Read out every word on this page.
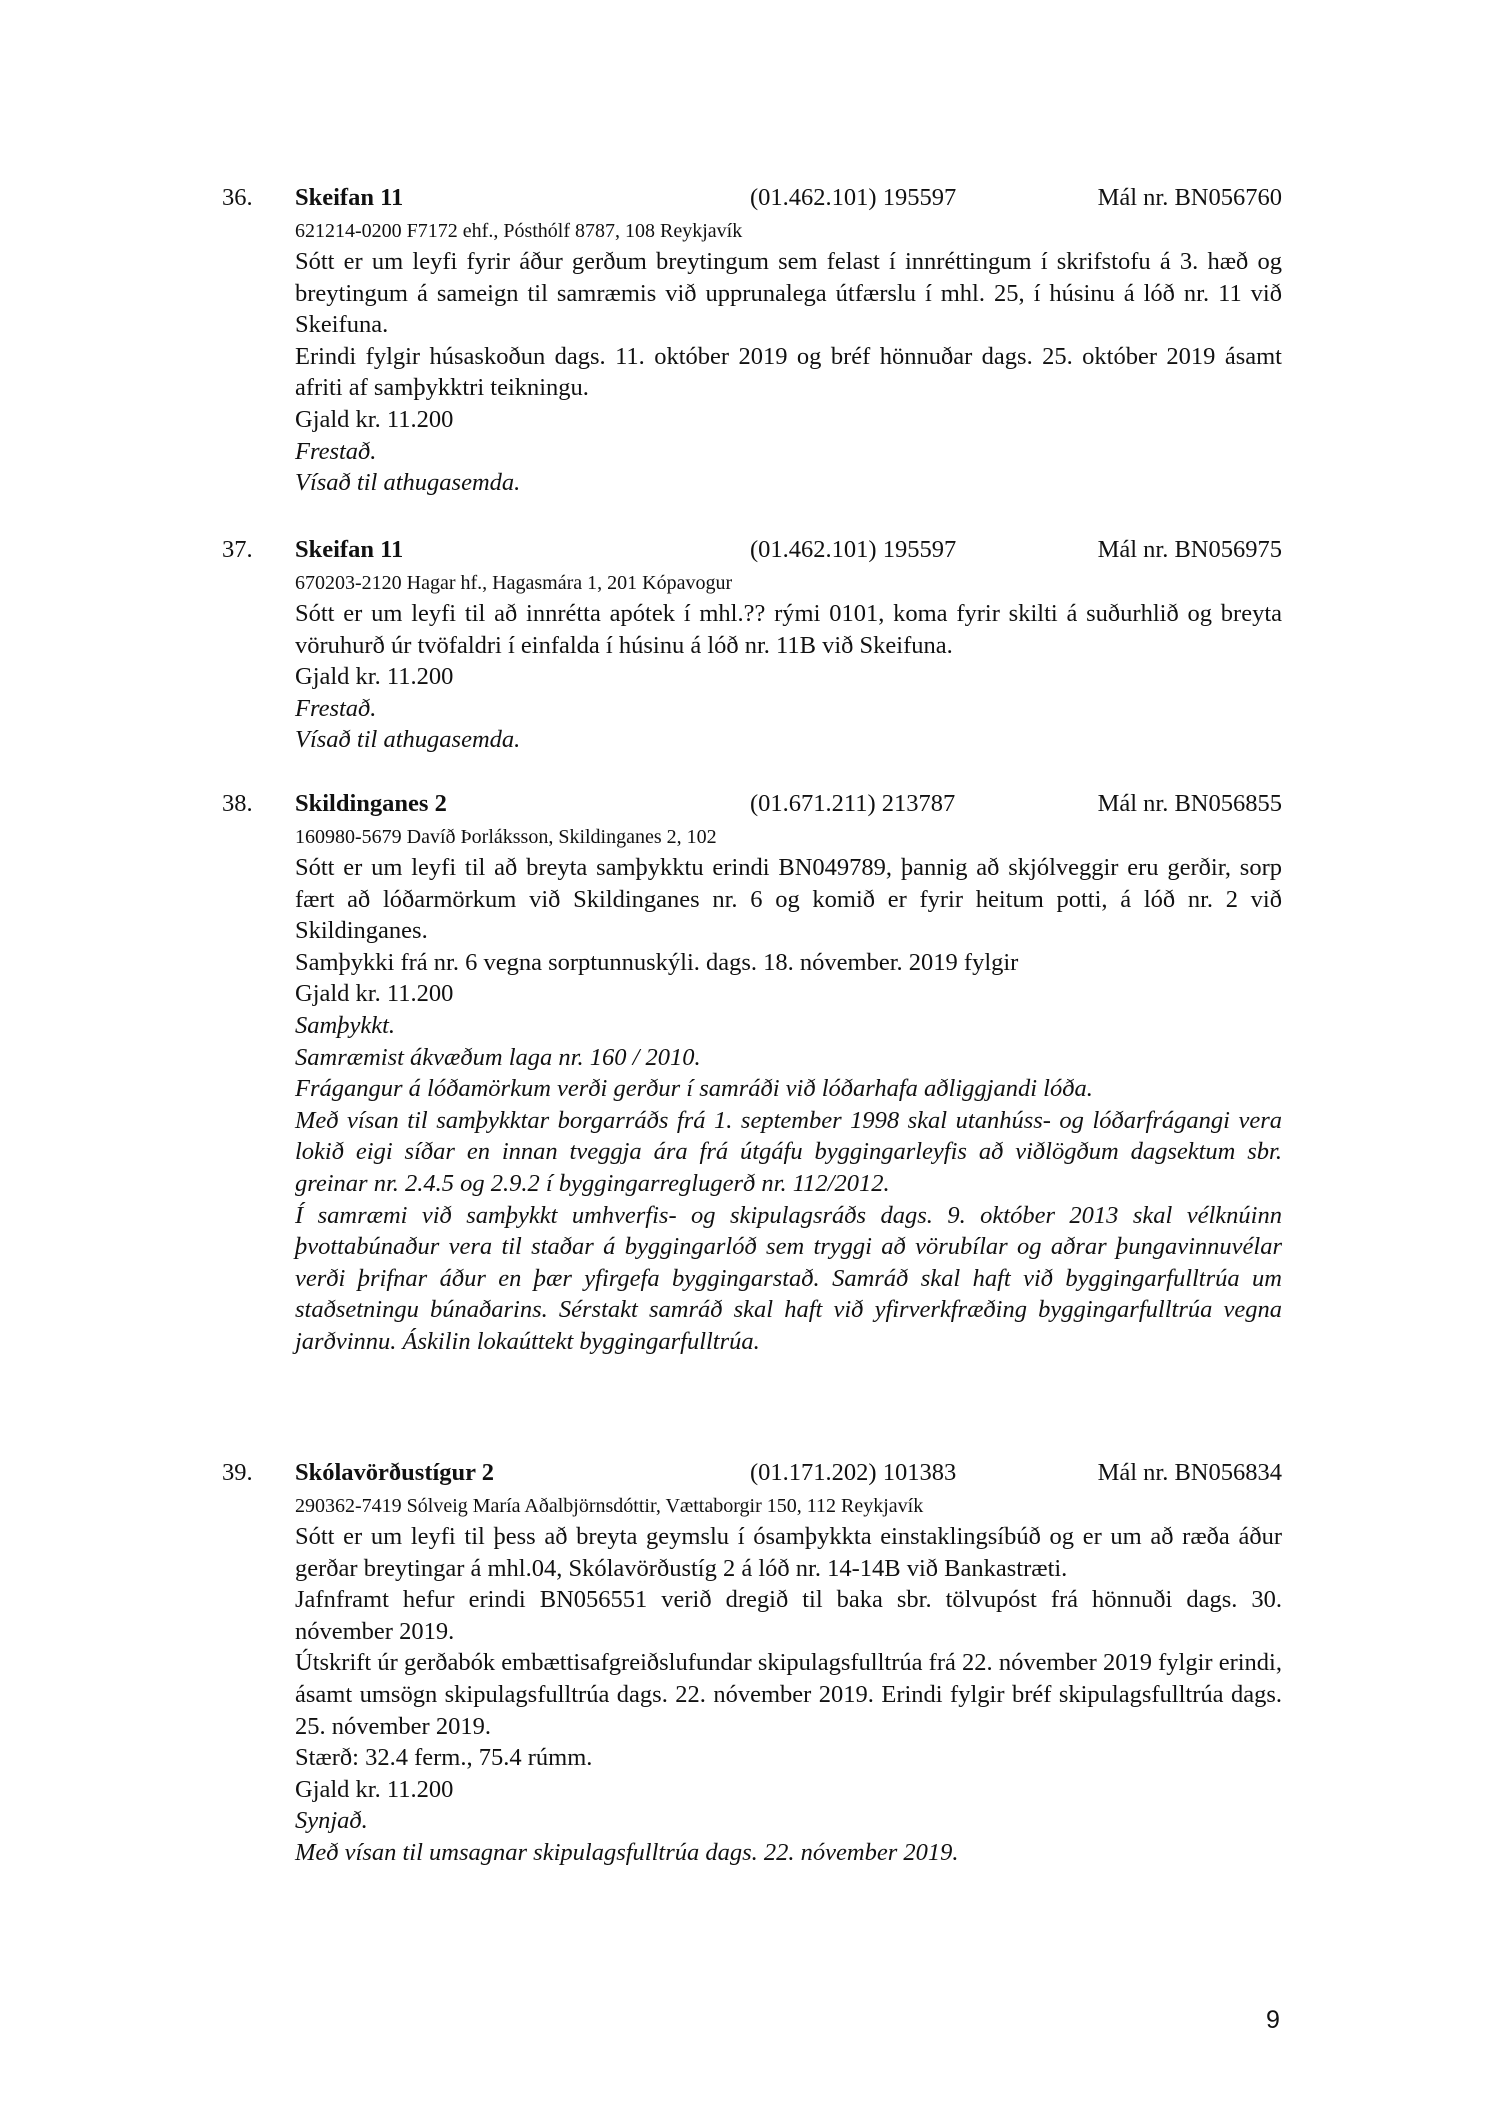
36. Skeifan 11	(01.462.101) 195597	Mál nr. BN056760
621214-0200 F7172 ehf., Pósthólf 8787, 108 Reykjavík
Sótt er um leyfi fyrir áður gerðum breytingum sem felast í innréttingum í skrifstofu á 3. hæð og breytingum á sameign til samræmis við upprunalega útfærslu í mhl. 25, í húsinu á lóð nr. 11 við Skeifuna.
Erindi fylgir húsaskoðun dags. 11. október 2019 og bréf hönnuðar dags. 25. október 2019 ásamt afriti af samþykktri teikningu.
Gjald kr. 11.200
Frestað.
Vísað til athugasemda.
37. Skeifan 11	(01.462.101) 195597	Mál nr. BN056975
670203-2120 Hagar hf., Hagasmára 1, 201 Kópavogur
Sótt er um leyfi til að innrétta apótek í mhl.?? rými 0101, koma fyrir skilti á suðurhlið og breyta vöruhurð úr tvöfaldri í einfalda í húsinu á lóð nr. 11B við Skeifuna.
Gjald kr. 11.200
Frestað.
Vísað til athugasemda.
38. Skildinganes 2	(01.671.211) 213787	Mál nr. BN056855
160980-5679 Davíð Þorláksson, Skildinganes 2, 102
Sótt er um leyfi til að breyta samþykktu erindi BN049789, þannig að skjólveggir eru gerðir, sorp fært að lóðarmörkum við Skildinganes nr. 6 og komið er fyrir heitum potti, á lóð nr. 2 við Skildinganes.
Samþykki frá nr. 6 vegna sorptunnuskýli. dags. 18. nóvember. 2019 fylgir
Gjald kr. 11.200
Samþykkt.
Samræmist ákvæðum laga nr. 160 / 2010.
Frágangur á lóðamörkum verði gerður í samráði við lóðarhafa aðliggjandi lóða.
Með vísan til samþykktar borgarráðs frá 1. september 1998 skal utanhúss- og lóðarfrágangi vera lokið eigi síðar en innan tveggja ára frá útgáfu byggingarleyfis að viðlögðum dagsektum sbr. greinar nr. 2.4.5 og 2.9.2 í byggingarreglugerð nr. 112/2012.
Í samræmi við samþykkt umhverfis- og skipulagsráðs dags. 9. október 2013 skal vélknúinn þvottabúnaður vera til staðar á byggingarlóð sem tryggi að vörubílar og aðrar þungavinnuvélar verði þrifnar áður en þær yfirgefa byggingarstað. Samráð skal haft við byggingarfulltrúa um staðsetningu búnaðarins. Sérstakt samráð skal haft við yfirverkfræðing byggingarfulltrúa vegna jarðvinnu. Áskilin lokaúttekt byggingarfulltrúa.
39. Skólavörðustígur 2	(01.171.202) 101383	Mál nr. BN056834
290362-7419 Sólveig María Aðalbjörnsdóttir, Vættaborgir 150, 112 Reykjavík
Sótt er um leyfi til þess að breyta geymslu í ósamþykkta einstaklingsíbúð og er um að ræða áður gerðar breytingar á mhl.04, Skólavörðustíg 2 á lóð nr. 14-14B við Bankastræti.
Jafnframt hefur erindi BN056551 verið dregið til baka sbr. tölvupóst frá hönnuði dags. 30. nóvember 2019.
Útskrift úr gerðabók embættisafgreiðslufundar skipulagsfulltrúa frá 22. nóvember 2019 fylgir erindi, ásamt umsögn skipulagsfulltrúa dags. 22. nóvember 2019. Erindi fylgir bréf skipulagsfulltrúa dags. 25. nóvember 2019.
Stærð: 32.4 ferm., 75.4 rúmm.
Gjald kr. 11.200
Synjað.
Með vísan til umsagnar skipulagsfulltrúa dags. 22. nóvember 2019.
9
